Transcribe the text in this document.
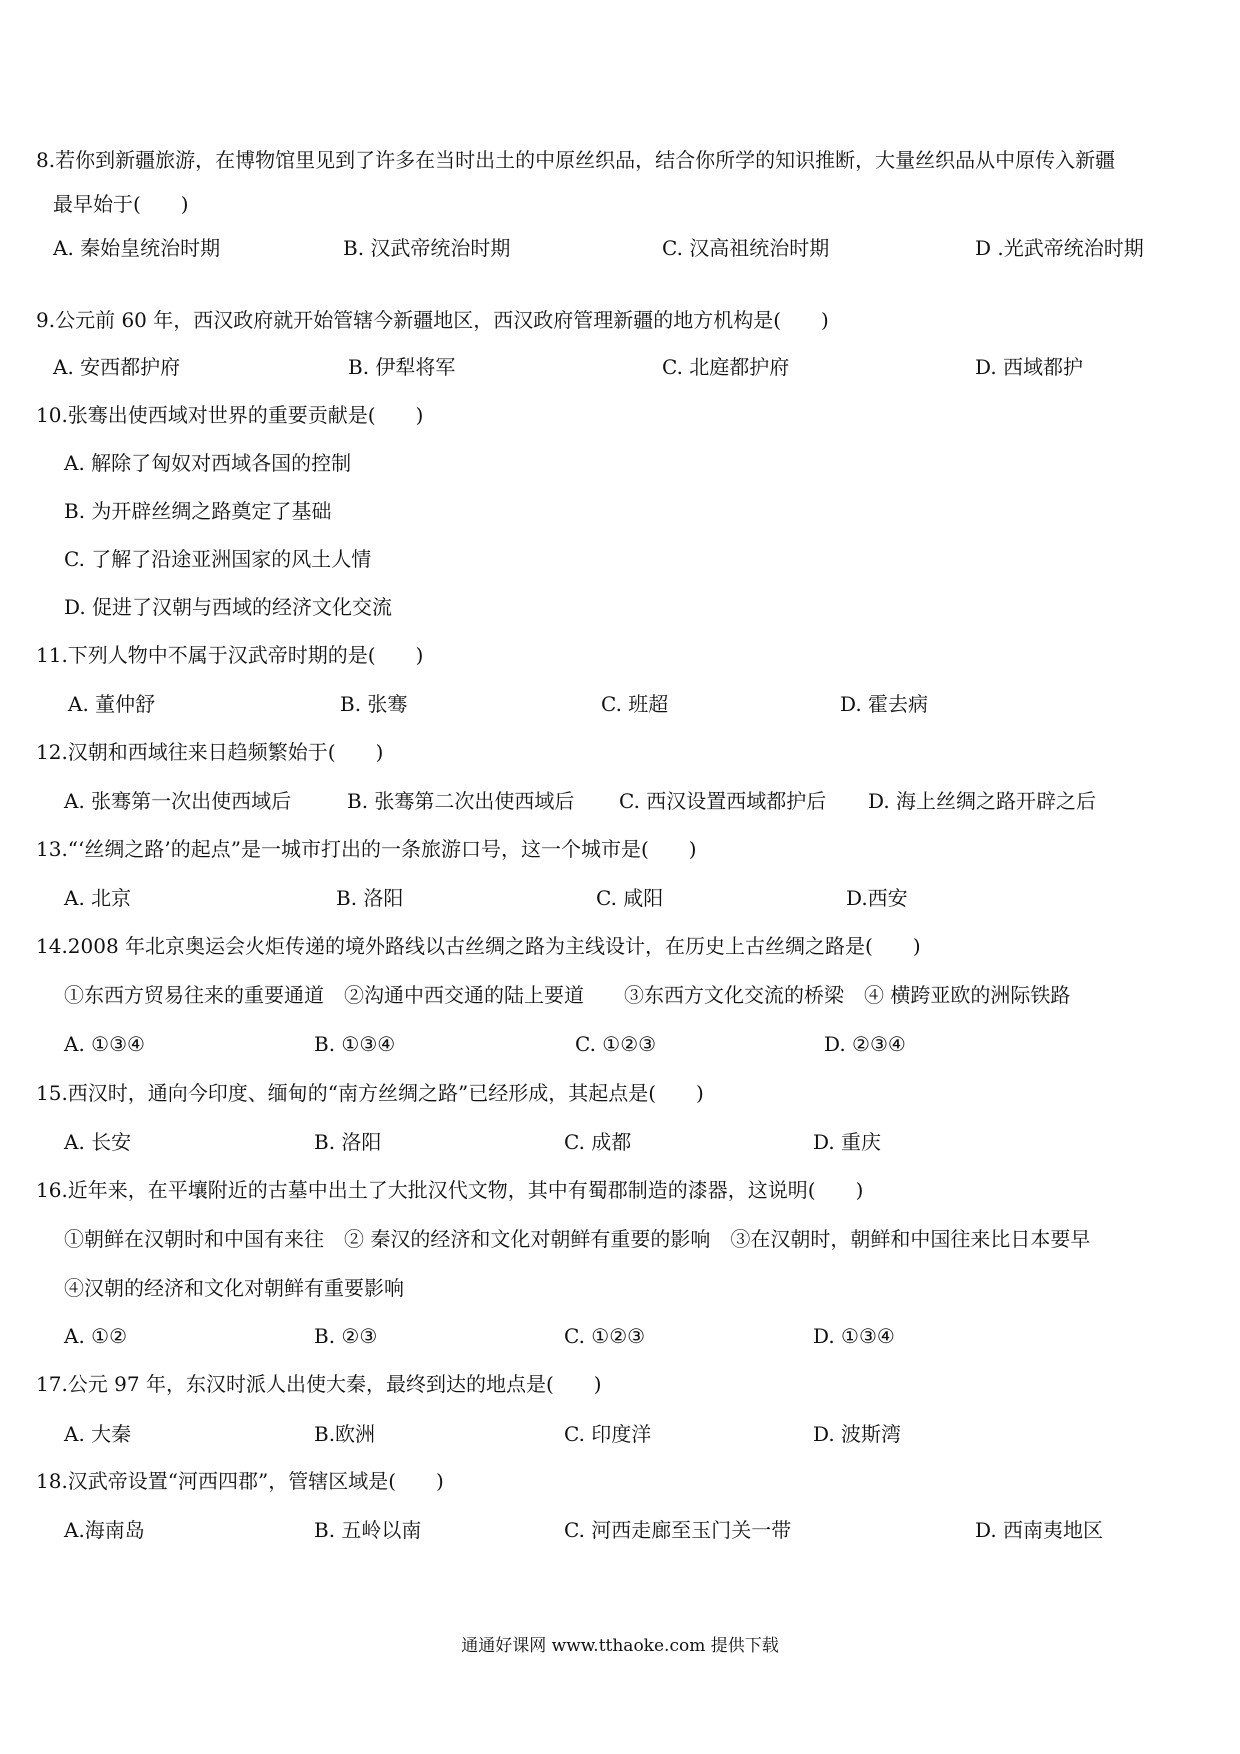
8.若你到新疆旅游，在博物馆里见到了许多在当时出土的中原丝织品，结合你所学的知识推断，大量丝织品从中原传入新疆
最早始于(　　)
A. 秦始皇统治时期	B. 汉武帝统治时期	C. 汉高祖统治时期	D .光武帝统治时期
9.公元前 60 年，西汉政府就开始管辖今新疆地区，西汉政府管理新疆的地方机构是(　　)
A. 安西都护府	B. 伊犁将军	C. 北庭都护府	D. 西域都护
10.张骞出使西域对世界的重要贡献是(　　)
A. 解除了匈奴对西域各国的控制
B. 为开辟丝绸之路奠定了基础
C. 了解了沿途亚洲国家的风土人情
D. 促进了汉朝与西域的经济文化交流
11.下列人物中不属于汉武帝时期的是(　　)
A. 董仲舒	B. 张骞	C. 班超	D. 霍去病
12.汉朝和西域往来日趋频繁始于(　　)
A. 张骞第一次出使西域后	B. 张骞第二次出使西域后 C. 西汉设置西域都护后 D. 海上丝绸之路开辟之后
13.“‘丝绸之路’的起点”是一城市打出的一条旅游口号，这一个城市是(　　)
A. 北京	B. 洛阳	C. 咸阳	D.西安
14.2008 年北京奥运会火炬传递的境外路线以古丝绸之路为主线设计，在历史上古丝绸之路是(　　)
①东西方贸易往来的重要通道　②沟通中西交通的陆上要道　　③东西方文化交流的桥梁　④ 横跨亚欧的洲际铁路
A. ①③④	B. ①③④	C. ①②③	D. ②③④
15.西汉时，通向今印度、缅甸的“南方丝绸之路”已经形成，其起点是(　　)
A. 长安	B. 洛阳	C. 成都	D. 重庆
16.近年来，在平壤附近的古墓中出土了大批汉代文物，其中有蜀郡制造的漆器，这说明(　　)
①朝鲜在汉朝时和中国有来往　② 秦汉的经济和文化对朝鲜有重要的影响　③在汉朝时，朝鲜和中国往来比日本要早
④汉朝的经济和文化对朝鲜有重要影响
A. ①②	B. ②③	C. ①②③	D. ①③④
17.公元 97 年，东汉时派人出使大秦，最终到达的地点是(　　)
A. 大秦	B.欧洲	C. 印度洋	D. 波斯湾
18.汉武帝设置“河西四郡”，管辖区域是(　　)
A.海南岛	B. 五岭以南	C. 河西走廊至玉门关一带	D. 西南夷地区
通通好课网 www.tthaoke.com 提供下载
